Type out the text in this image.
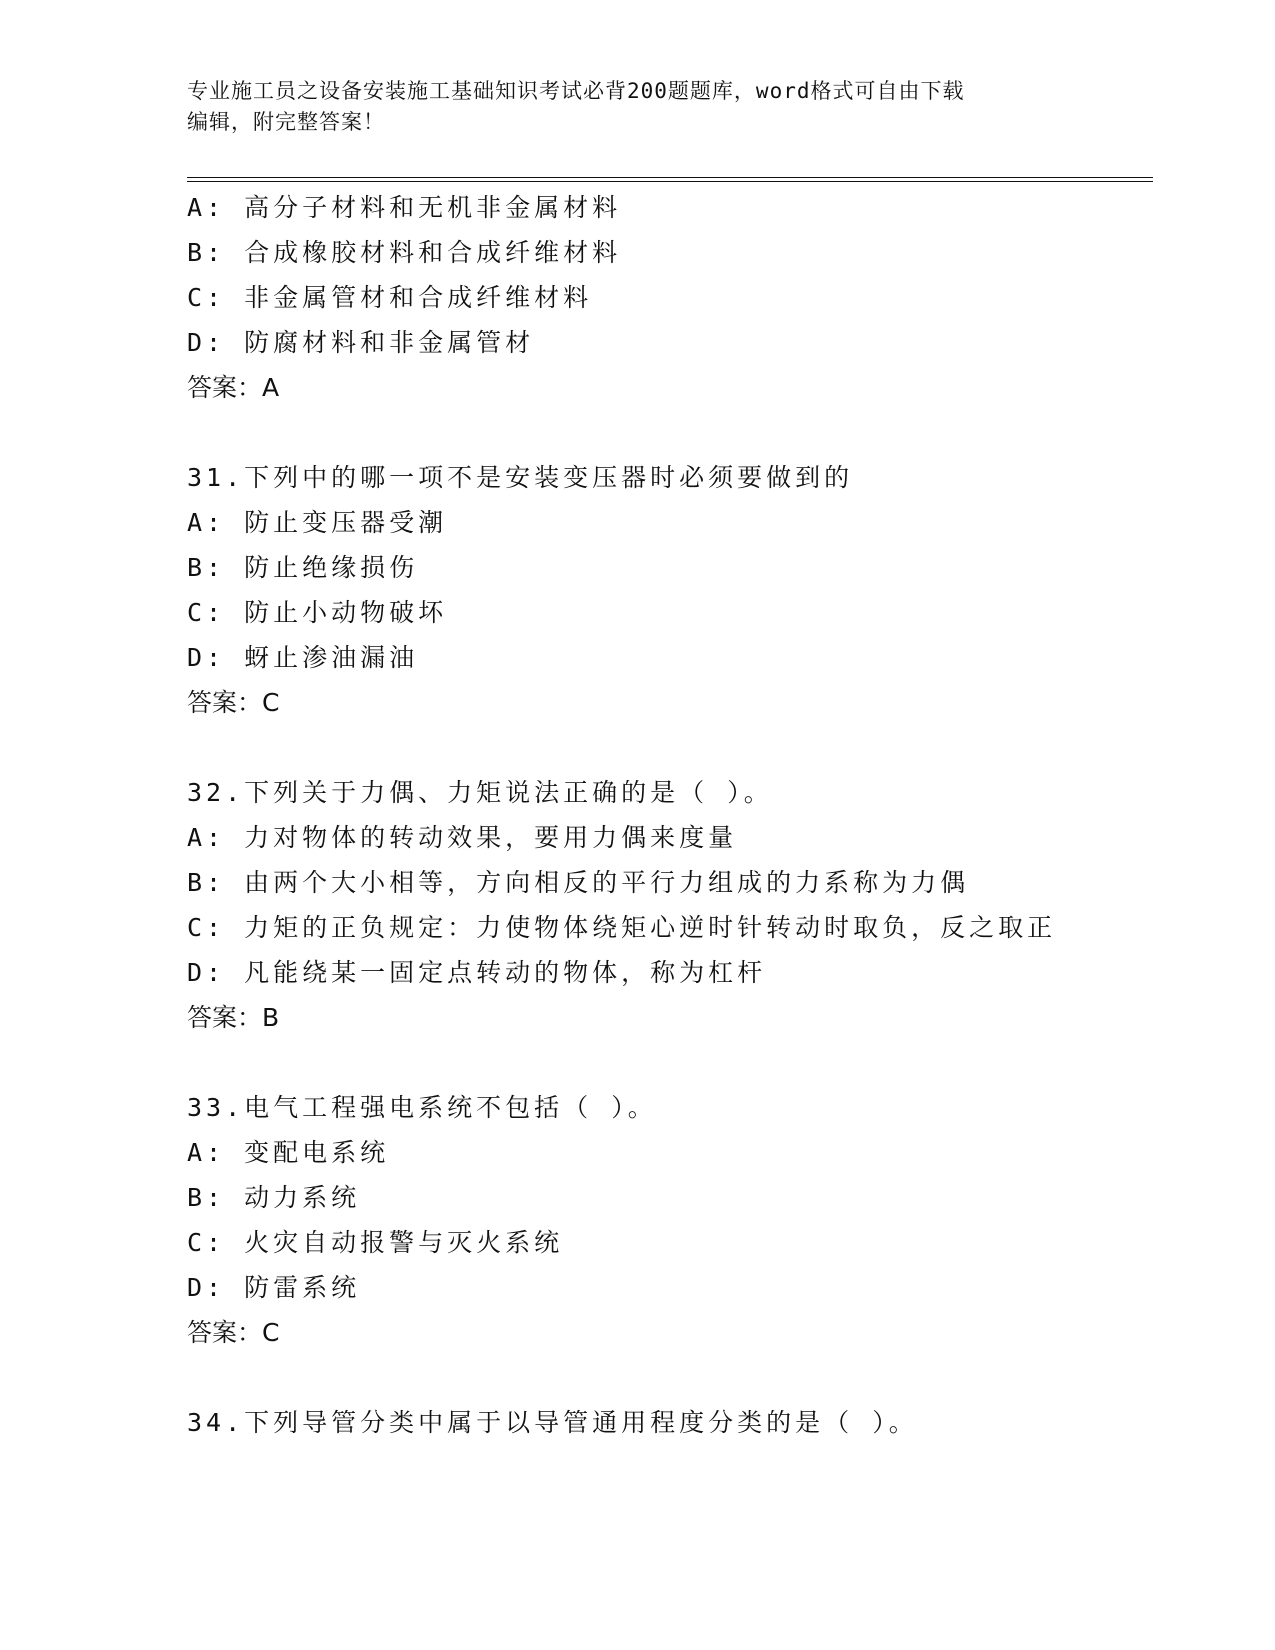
专业施工员之设备安装施工基础知识考试必背200题题库，word格式可自由下载
编辑，附完整答案！
A: 高分子材料和无机非金属材料
B: 合成橡胶材料和合成纤维材料
C: 非金属管材和合成纤维材料
D: 防腐材料和非金属管材
答案：A
31.下列中的哪一项不是安装变压器时必须要做到的
A: 防止变压器受潮
B: 防止绝缘损伤
C: 防止小动物破坏
D: 蚜止渗油漏油
答案：C
32.下列关于力偶、力矩说法正确的是（ ）。
A: 力对物体的转动效果，要用力偶来度量
B: 由两个大小相等，方向相反的平行力组成的力系称为力偶
C: 力矩的正负规定：力使物体绕矩心逆时针转动时取负，反之取正
D: 凡能绕某一固定点转动的物体，称为杠杆
答案：B
33.电气工程强电系统不包括（ ）。
A: 变配电系统
B: 动力系统
C: 火灾自动报警与灭火系统
D: 防雷系统
答案：C
34.下列导管分类中属于以导管通用程度分类的是（ ）。
